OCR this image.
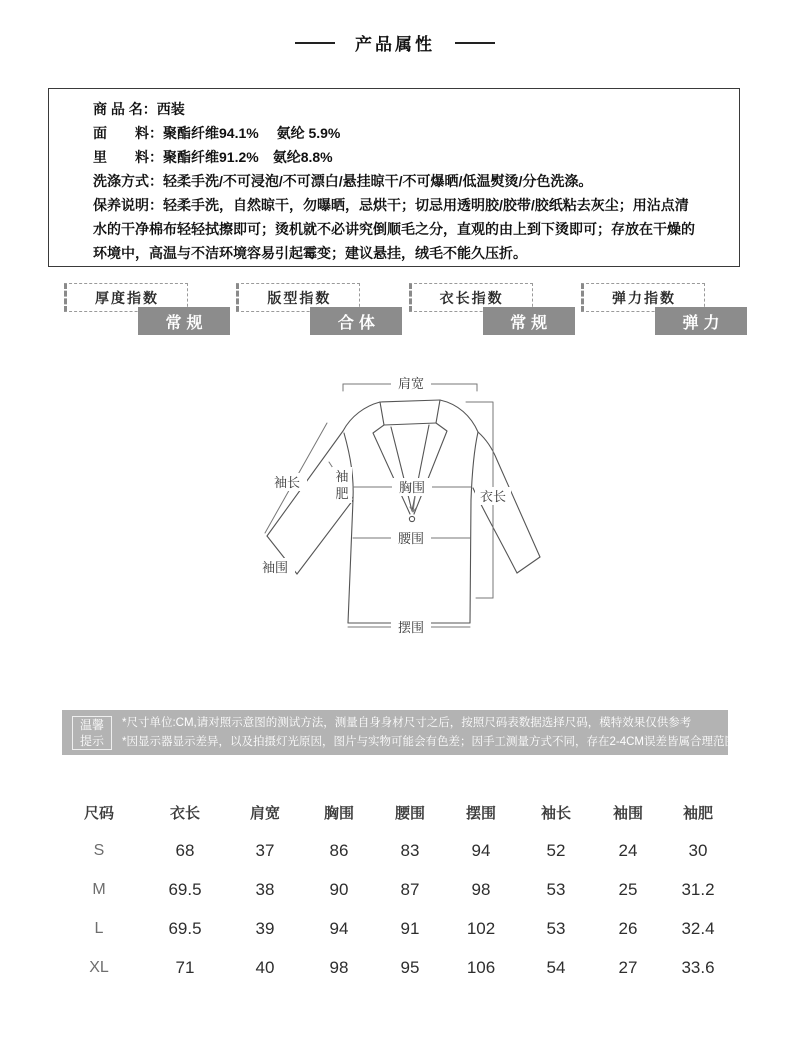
产品属性
商 品 名：西装
面　　料：聚酯纤维94.1%　 氨纶 5.9%
里　　料：聚酯纤维91.2%　氨纶8.8%
洗涤方式：轻柔手洗/不可浸泡/不可漂白/悬挂晾干/不可爆晒/低温熨烫/分色洗涤。
保养说明：轻柔手洗，自然晾干，勿曝晒，忌烘干；切忌用透明胶/胶带/胶纸粘去灰尘；用沾点清水的干净棉布轻轻拭擦即可；烫机就不必讲究倒顺毛之分，直观的由上到下烫即可；存放在干燥的环境中，高温与不洁环境容易引起霉变；建议悬挂，绒毛不能久压折。
厚度指数
常规
版型指数
合体
衣长指数
常规
弹力指数
弹力
肩宽
衣长
胸围
腰围
摆围
袖长
袖围
袖
肥
温馨
提示
*尺寸单位:CM,请对照示意图的测试方法，测量自身身材尺寸之后，按照尺码表数据选择尺码，模特效果仅供参考
*因显示器显示差异，以及拍摄灯光原因，图片与实物可能会有色差；因手工测量方式不同，存在2-4CM误差皆属合理范围。
尺码	衣长	肩宽	胸围	腰围	摆围	袖长	袖围	袖肥
S	68	37	86	83	94	52	24	30
M	69.5	38	90	87	98	53	25	31.2
L	69.5	39	94	91	102	53	26	32.4
XL	71	40	98	95	106	54	27	33.6
